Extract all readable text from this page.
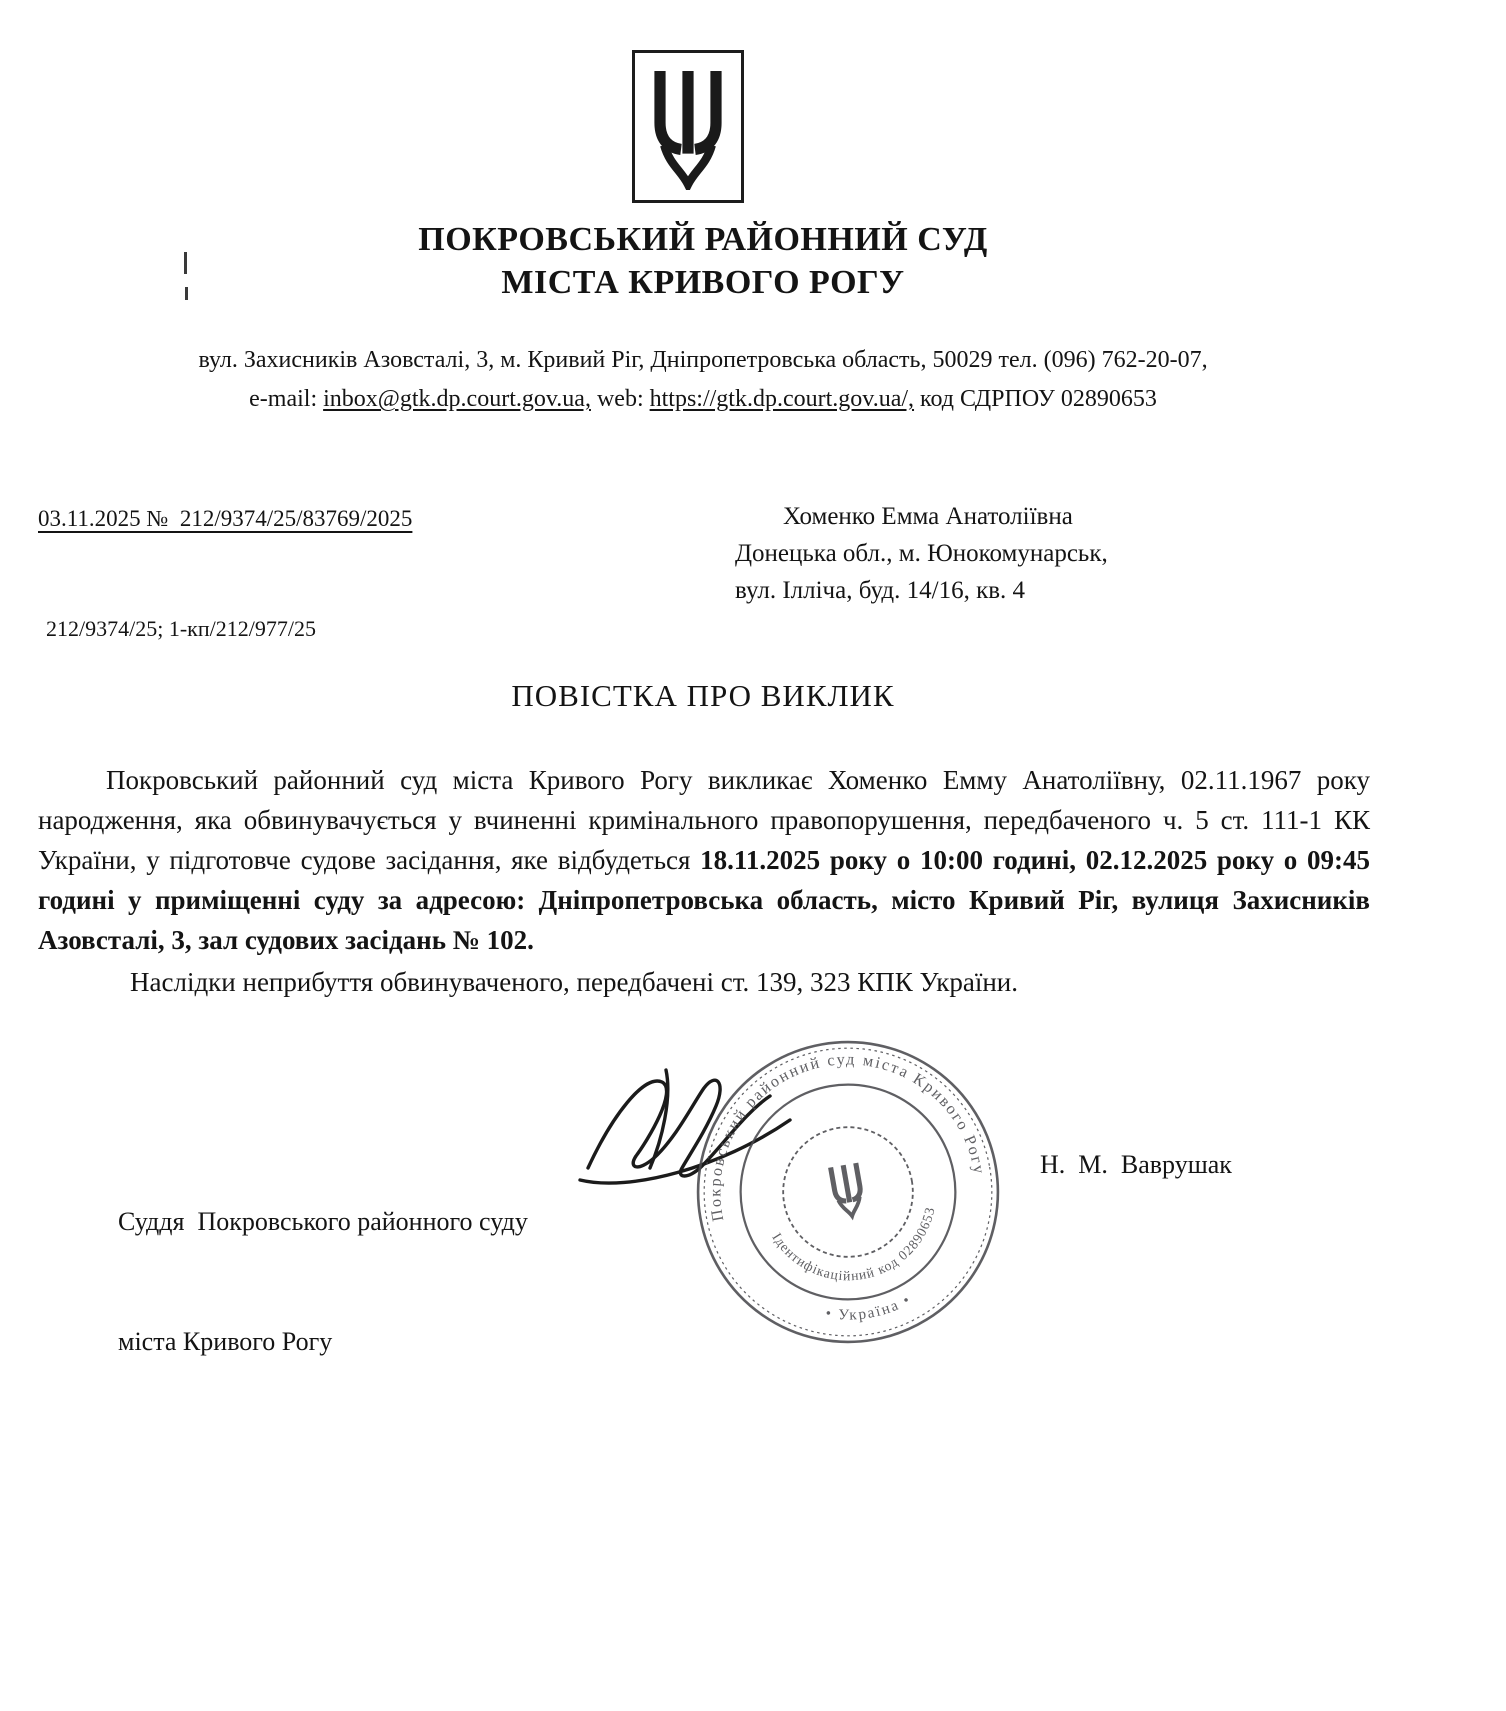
ПОКРОВСЬКИЙ РАЙОННИЙ СУД
МІСТА КРИВОГО РОГУ
вул. Захисників Азовсталі, 3, м. Кривий Ріг, Дніпропетровська область, 50029 тел. (096) 762-20-07,
e-mail: inbox@gtk.dp.court.gov.ua, web: https://gtk.dp.court.gov.ua/, код СДРПОУ 02890653
03.11.2025 №  212/9374/25/83769/2025	Хоменко Емма Анатоліївна
Донецька обл., м. Юнокомунарськ,
вул. Ілліча, буд. 14/16, кв. 4
212/9374/25; 1-кп/212/977/25
ПОВІСТКА ПРО ВИКЛИК

Покровський районний суд міста Кривого Рогу викликає Хоменко Емму Анатоліївну, 02.11.1967 року народження, яка обвинувачується у вчиненні кримінального правопорушення, передбаченого ч. 5 ст. 111-1 КК України, у підготовче судове засідання, яке відбудеться 18.11.2025 року о 10:00 годині, 02.12.2025 року о 09:45 годині у приміщенні суду за адресою: Дніпропетровська область, місто Кривий Ріг, вулиця Захисників Азовсталі, 3, зал судових засідань № 102.

Наслідки неприбуття обвинуваченого, передбачені ст. 139, 323 КПК України.

Суддя  Покровського районного суду

міста Кривого Рогу

Покровський районний суд міста Кривого Рогу
• Україна •
Ідентифікаційний код 02890653
Н.  М.  Ваврушак
